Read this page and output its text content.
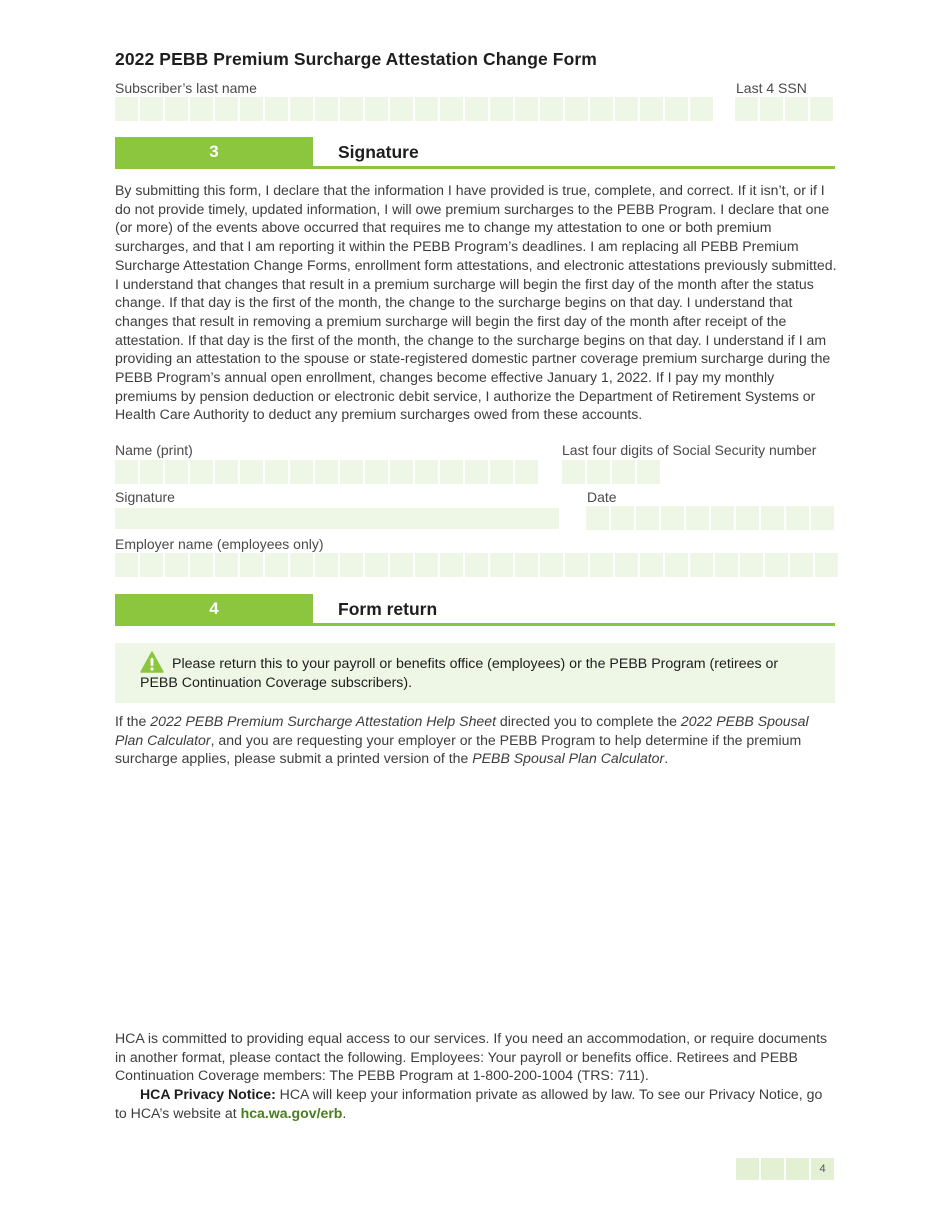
2022 PEBB Premium Surcharge Attestation Change Form
Subscriber’s last name	Last 4 SSN
3	Signature
By submitting this form, I declare that the information I have provided is true, complete, and correct. If it isn’t, or if I do not provide timely, updated information, I will owe premium surcharges to the PEBB Program. I declare that one (or more) of the events above occurred that requires me to change my attestation to one or both premium surcharges, and that I am reporting it within the PEBB Program’s deadlines. I am replacing all PEBB Premium Surcharge Attestation Change Forms, enrollment form attestations, and electronic attestations previously submitted. I understand that changes that result in a premium surcharge will begin the first day of the month after the status change. If that day is the first of the month, the change to the surcharge begins on that day. I understand that changes that result in removing a premium surcharge will begin the first day of the month after receipt of the attestation. If that day is the first of the month, the change to the surcharge begins on that day. I understand if I am providing an attestation to the spouse or state-registered domestic partner coverage premium surcharge during the PEBB Program’s annual open enrollment, changes become effective January 1, 2022. If I pay my monthly premiums by pension deduction or electronic debit service, I authorize the Department of Retirement Systems or Health Care Authority to deduct any premium surcharges owed from these accounts.
Name (print)	Last four digits of Social Security number
Signature	Date
Employer name (employees only)
4	Form return
Please return this to your payroll or benefits office (employees) or the PEBB Program (retirees or PEBB Continuation Coverage subscribers).
If the 2022 PEBB Premium Surcharge Attestation Help Sheet directed you to complete the 2022 PEBB Spousal Plan Calculator, and you are requesting your employer or the PEBB Program to help determine if the premium surcharge applies, please submit a printed version of the PEBB Spousal Plan Calculator.
HCA is committed to providing equal access to our services. If you need an accommodation, or require documents in another format, please contact the following. Employees: Your payroll or benefits office. Retirees and PEBB Continuation Coverage members: The PEBB Program at 1-800-200-1004 (TRS: 711).
HCA Privacy Notice: HCA will keep your information private as allowed by law. To see our Privacy Notice, go to HCA’s website at hca.wa.gov/erb.
4
